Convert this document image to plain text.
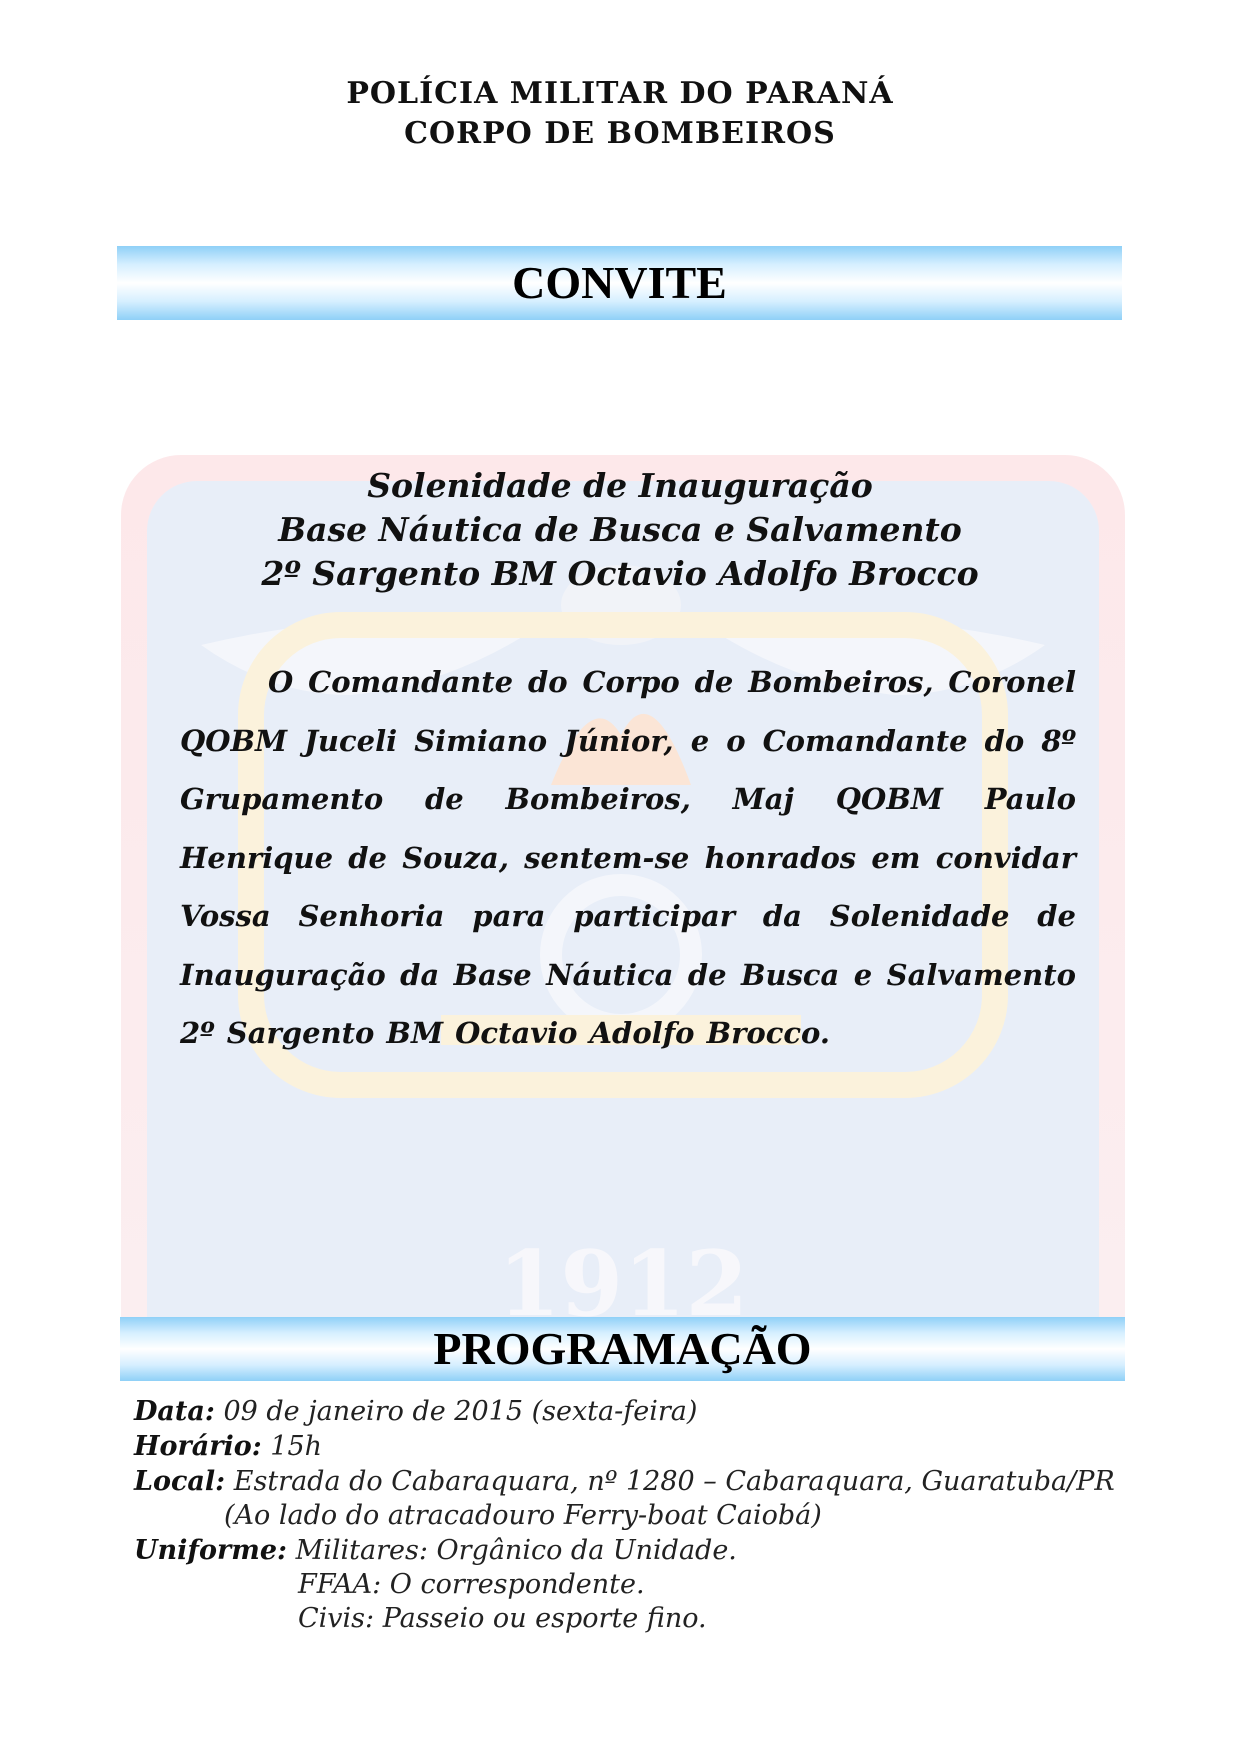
POLÍCIA MILITAR DO PARANÁ
CORPO DE BOMBEIROS
CONVITE
1912
Solenidade de Inauguração
Base Náutica de Busca e Salvamento
2º Sargento BM Octavio Adolfo Brocco

O Comandante do Corpo de Bombeiros, Coronel QOBM Juceli Simiano Júnior, e o Comandante do 8º Grupamento de Bombeiros, Maj QOBM Paulo Henrique de Souza, sentem-se honrados em convidar Vossa Senhoria para participar da Solenidade de Inauguração da Base Náutica de Busca e Salvamento 2º Sargento BM Octavio Adolfo Brocco.

PROGRAMAÇÃO
Data: 09 de janeiro de 2015 (sexta-feira)
Horário: 15h
Local: Estrada do Cabaraquara, nº 1280 – Cabaraquara, Guaratuba/PR
(Ao lado do atracadouro Ferry-boat Caiobá)
Uniforme: Militares: Orgânico da Unidade.
FFAA: O correspondente.
Civis: Passeio ou esporte fino.
